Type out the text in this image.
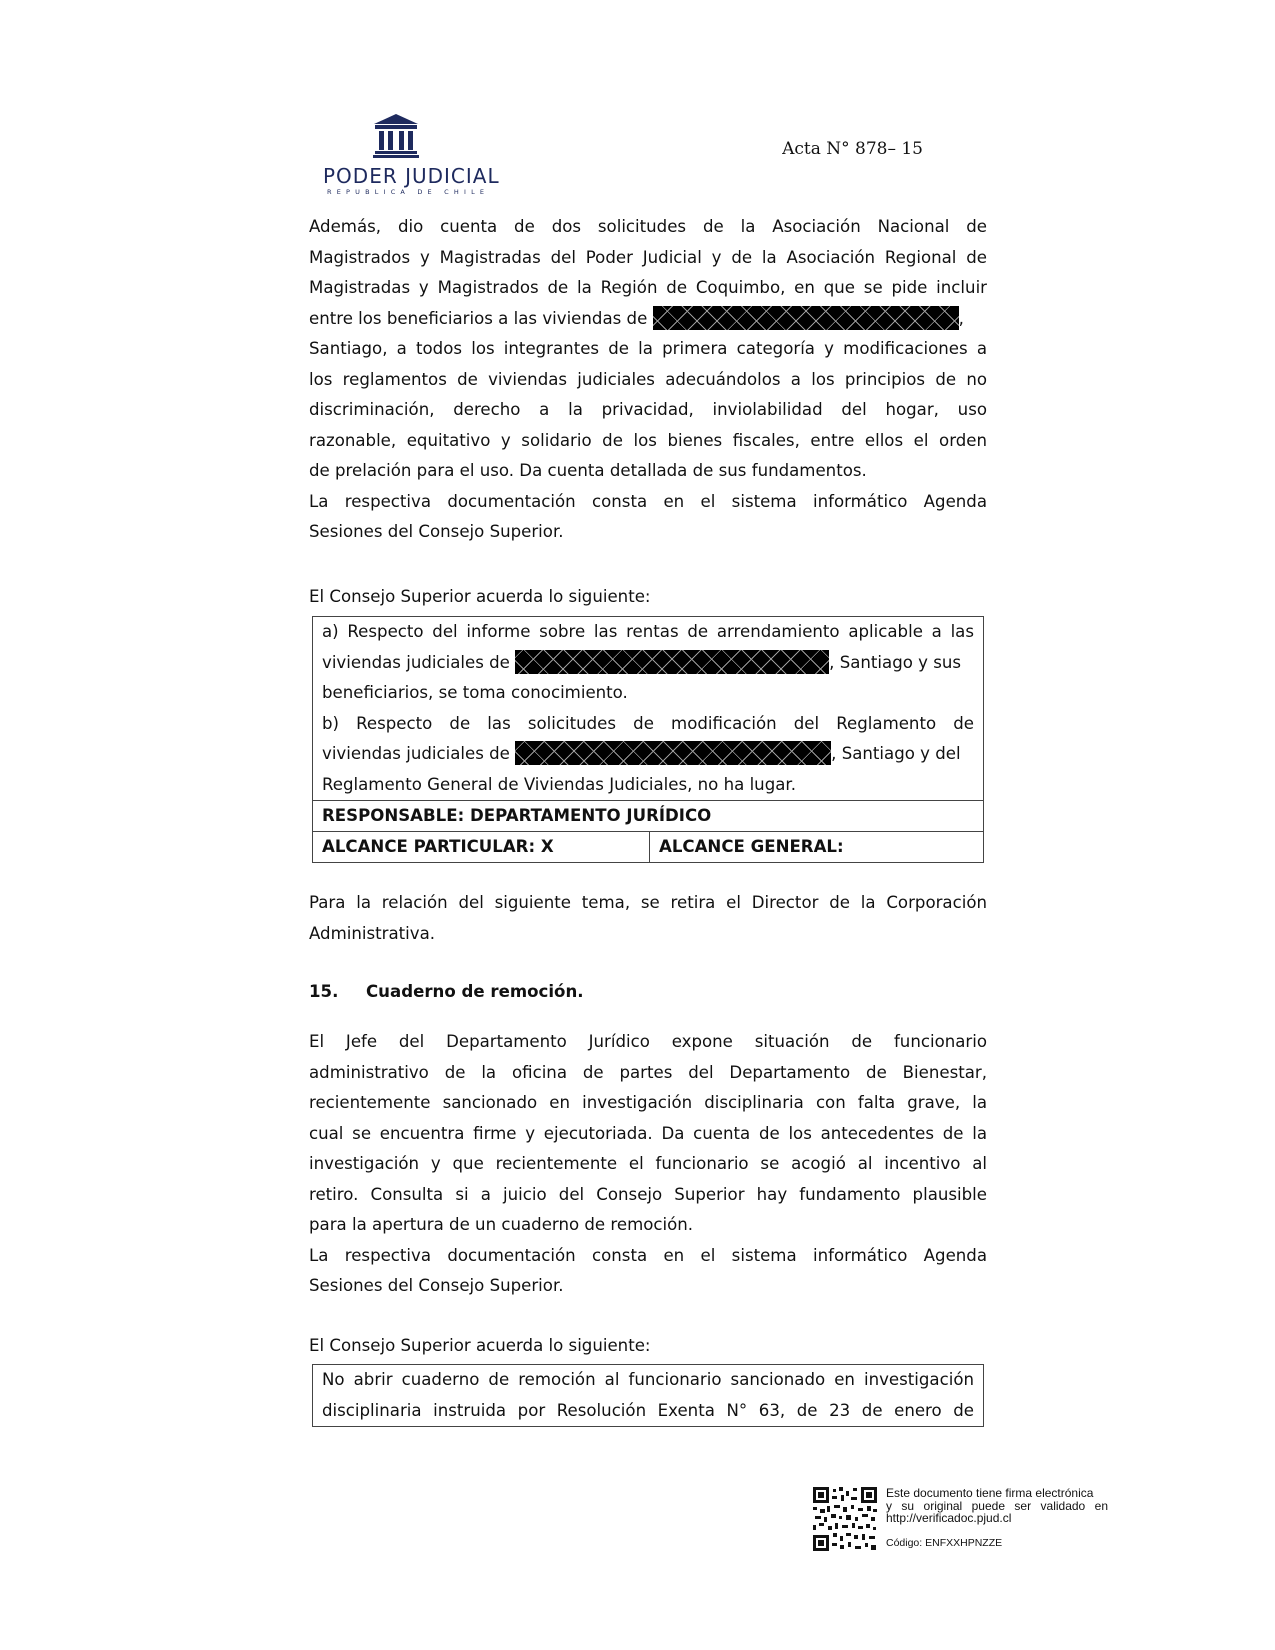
PODER JUDICIAL
REPUBLICA DE CHILE
Acta N° 878– 15
Además, dio cuenta de dos solicitudes de la Asociación Nacional de
Magistrados y Magistradas del Poder Judicial y de la Asociación Regional de
Magistradas y Magistrados de la Región de Coquimbo, en que se pide incluir
entre los beneficiarios a las viviendas de	,
Santiago, a todos los integrantes de la primera categoría y modificaciones a
los reglamentos de viviendas judiciales adecuándolos a los principios de no
discriminación, derecho a la privacidad, inviolabilidad del hogar, uso
razonable, equitativo y solidario de los bienes fiscales, entre ellos el orden
de prelación para el uso. Da cuenta detallada de sus fundamentos.
La respectiva documentación consta en el sistema informático Agenda
Sesiones del Consejo Superior.
El Consejo Superior acuerda lo siguiente:
a) Respecto del informe sobre las rentas de arrendamiento aplicable a las
viviendas judiciales de	, Santiago y sus
beneficiarios, se toma conocimiento.
b) Respecto de las solicitudes de modificación del Reglamento de
viviendas judiciales de	, Santiago y del
Reglamento General de Viviendas Judiciales, no ha lugar.
RESPONSABLE: DEPARTAMENTO JURÍDICO
ALCANCE PARTICULAR: X	ALCANCE GENERAL:
Para la relación del siguiente tema, se retira el Director de la Corporación
Administrativa.
15. Cuaderno de remoción.
El Jefe del Departamento Jurídico expone situación de funcionario
administrativo de la oficina de partes del Departamento de Bienestar,
recientemente sancionado en investigación disciplinaria con falta grave, la
cual se encuentra firme y ejecutoriada. Da cuenta de los antecedentes de la
investigación y que recientemente el funcionario se acogió al incentivo al
retiro. Consulta si a juicio del Consejo Superior hay fundamento plausible
para la apertura de un cuaderno de remoción.
La respectiva documentación consta en el sistema informático Agenda
Sesiones del Consejo Superior.
El Consejo Superior acuerda lo siguiente:
No abrir cuaderno de remoción al funcionario sancionado en investigación
disciplinaria instruida por Resolución Exenta N° 63, de 23 de enero de
Este documento tiene firma electrónica
y su original puede ser validado en
http://verificadoc.pjud.cl
Código: ENFXXHPNZZE
